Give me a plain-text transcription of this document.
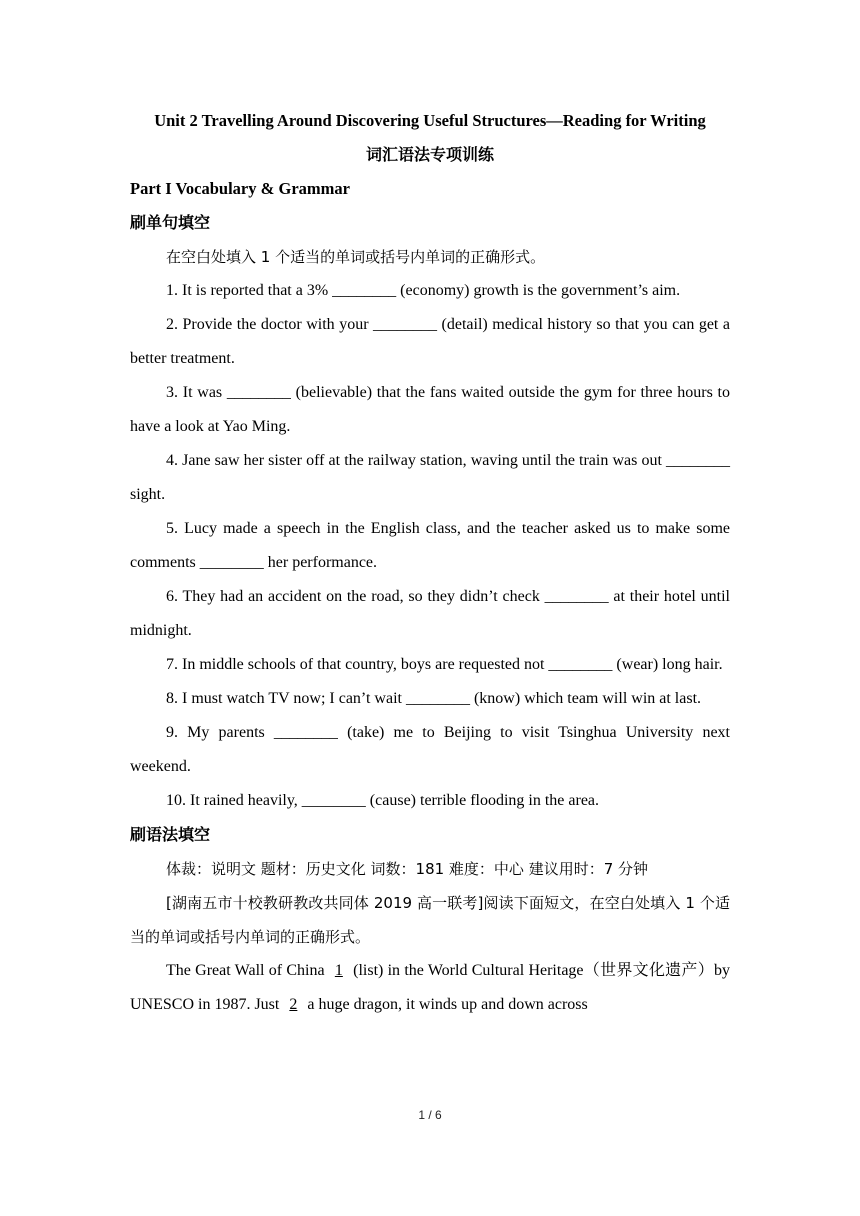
Unit 2 Travelling Around Discovering Useful Structures—Reading for Writing
词汇语法专项训练
Part I Vocabulary & Grammar
刷单句填空

在空白处填入 1 个适当的单词或括号内单词的正确形式。

1. It is reported that a 3% ________ (economy) growth is the government’s aim.

2. Provide the doctor with your ________ (detail) medical history so that you can get a better treatment.

3. It was ________ (believable) that the fans waited outside the gym for three hours to have a look at Yao Ming.

4. Jane saw her sister off at the railway station, waving until the train was out ________ sight.

5. Lucy made a speech in the English class, and the teacher asked us to make some comments ________ her performance.

6. They had an accident on the road, so they didn’t check ________ at their hotel until midnight.

7. In middle schools of that country, boys are requested not ________ (wear) long hair.

8. I must watch TV now; I can’t wait ________ (know) which team will win at last.

9. My parents ________ (take) me to Beijing to visit Tsinghua University next weekend.

10. It rained heavily, ________ (cause) terrible flooding in the area.

刷语法填空

体裁：说明文 题材：历史文化 词数：181 难度：中心 建议用时：7 分钟

[湖南五市十校教研教改共同体 2019 高一联考]阅读下面短文，在空白处填入 1 个适当的单词或括号内单词的正确形式。

The Great Wall of China 1 (list) in the World Cultural Heritage（世界文化遗产）by UNESCO in 1987. Just 2 a huge dragon, it winds up and down across

1 / 6
